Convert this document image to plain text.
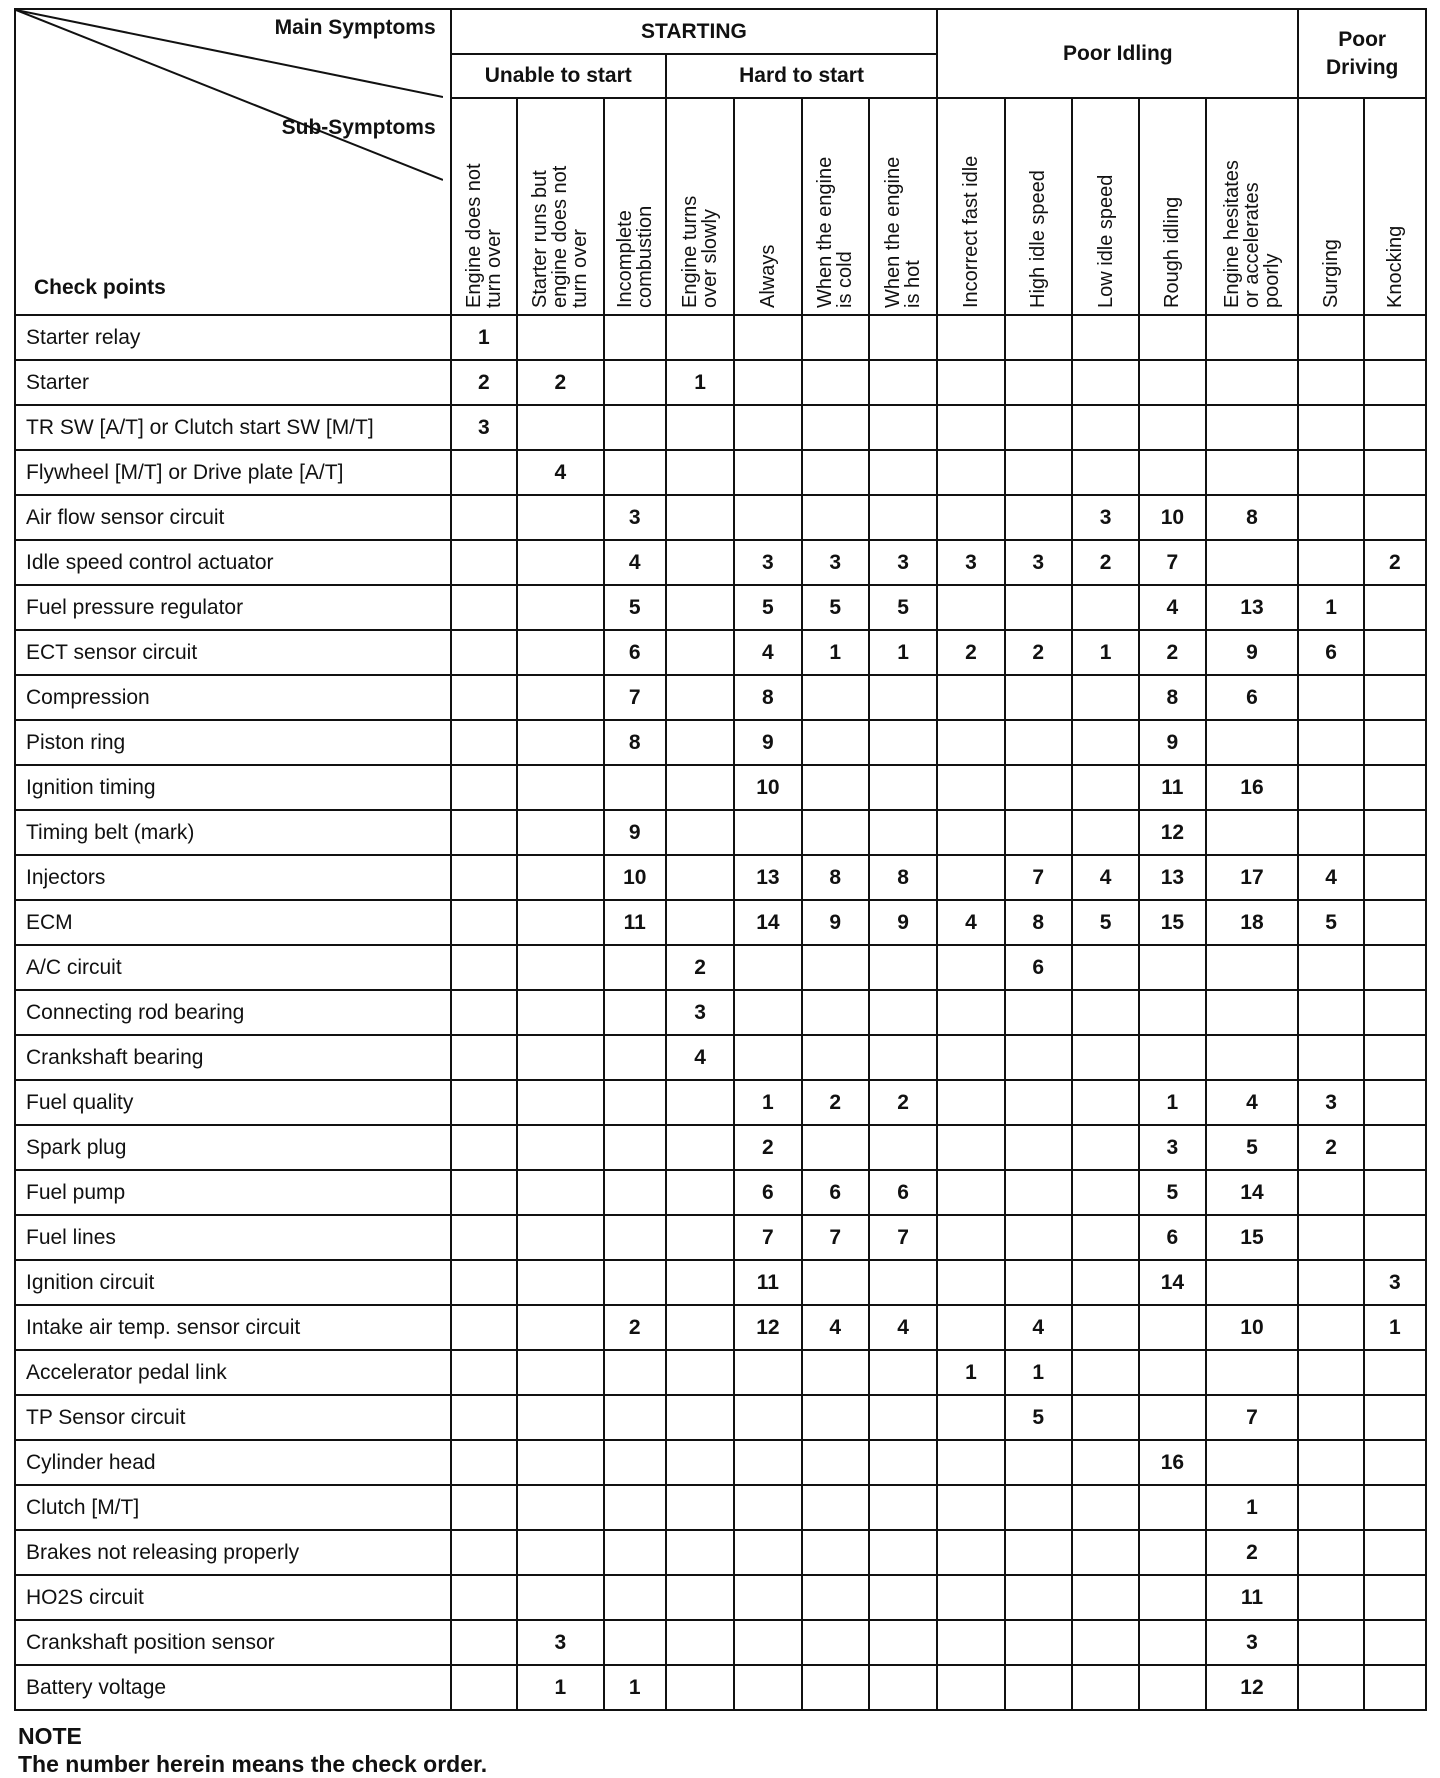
Main Symptoms
Sub-Symptoms
Check points	STARTING							Poor Idling					Poor
Driving	
	Unable to start			Hard to start										

	Engine does not
turn over	Starter runs but
engine does not
turn over	Incomplete
combustion	Engine turns
over slowly	Always	When the engine
is cold	When the engine
is hot	Incorrect fast idle	High idle speed	Low idle speed	Rough idling	Engine hesitates
or accelerates
poorly	Surging	Knocking

Starter relay	1													
Starter	2	2		1										
TR SW [A/T] or Clutch start SW [M/T]	3													
Flywheel [M/T] or Drive plate [A/T]		4												
Air flow sensor circuit			3							3	10	8		
Idle speed control actuator			4		3	3	3	3	3	2	7			2
Fuel pressure regulator			5		5	5	5				4	13	1	
ECT sensor circuit			6		4	1	1	2	2	1	2	9	6	
Compression			7		8						8	6		
Piston ring			8		9						9			
Ignition timing					10						11	16		
Timing belt (mark)			9								12			
Injectors			10		13	8	8		7	4	13	17	4	
ECM			11		14	9	9	4	8	5	15	18	5	
A/C circuit				2					6					
Connecting rod bearing				3										
Crankshaft bearing				4										
Fuel quality					1	2	2				1	4	3	
Spark plug					2						3	5	2	
Fuel pump					6	6	6				5	14		
Fuel lines					7	7	7				6	15		
Ignition circuit					11						14			3
Intake air temp. sensor circuit			2		12	4	4		4			10		1
Accelerator pedal link								1	1					
TP Sensor circuit									5			7		
Cylinder head											16			
Clutch [M/T]												1		
Brakes not releasing properly												2		
HO2S circuit												11		
Crankshaft position sensor		3										3		
Battery voltage		1	1									12		
NOTE
The number herein means the check order.
